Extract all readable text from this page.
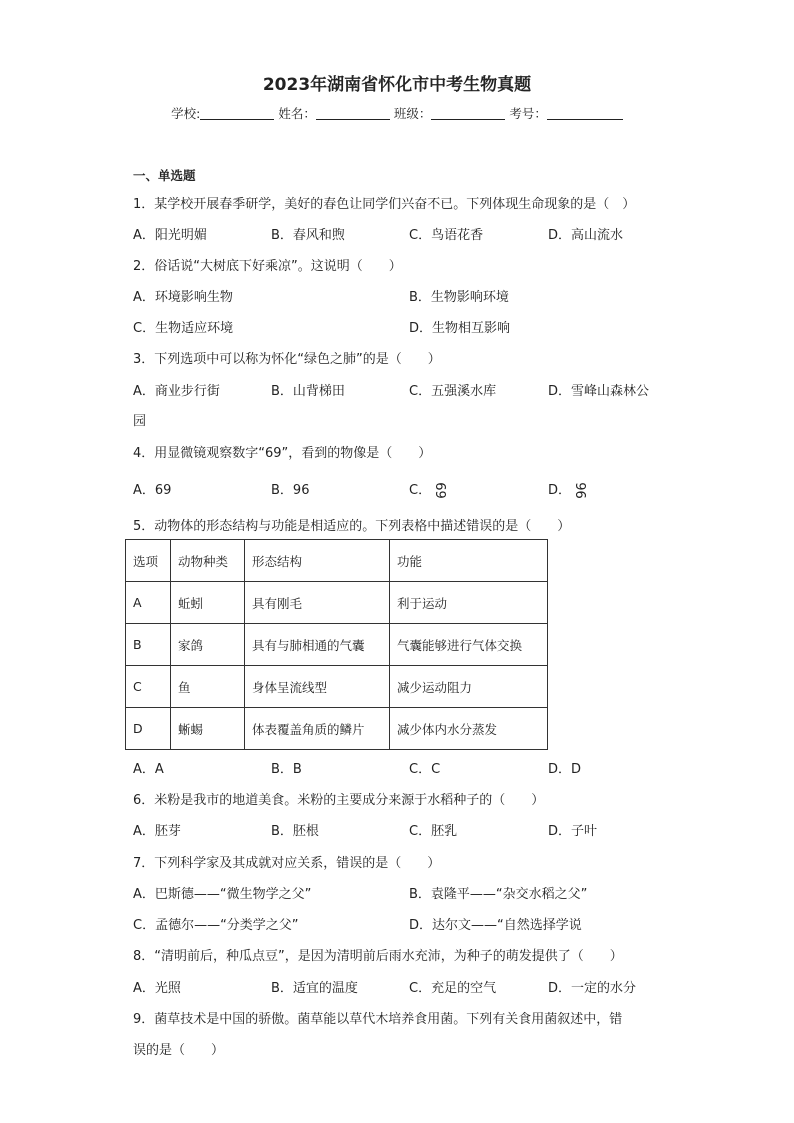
2023年湖南省怀化市中考生物真题
学校:	姓名：	班级：	考号：
一、单选题
1．某学校开展春季研学，美好的春色让同学们兴奋不已。下列体现生命现象的是（　）
A．阳光明媚	B．春风和煦	C．鸟语花香	D．高山流水
2．俗话说“大树底下好乘凉”。这说明（　　）
A．环境影响生物	B．生物影响环境
C．生物适应环境	D．生物相互影响
3．下列选项中可以称为怀化“绿色之肺”的是（　　）
A．商业步行街	B．山背梯田	C．五强溪水库	D．雪峰山森林公
园
4．用显微镜观察数字“69”，看到的物像是（　　）
A．69	B．96	C．69	D．96
5．动物体的形态结构与功能是相适应的。下列表格中描述错误的是（　　）
选项	动物种类	形态结构	功能
A	蚯蚓	具有刚毛	利于运动
B	家鸽	具有与肺相通的气囊	气囊能够进行气体交换
C	鱼	身体呈流线型	减少运动阻力
D	蜥蜴	体表覆盖角质的鳞片	减少体内水分蒸发
A．A	B．B	C．C	D．D
6．米粉是我市的地道美食。米粉的主要成分来源于水稻种子的（　　）
A．胚芽	B．胚根	C．胚乳	D．子叶
7．下列科学家及其成就对应关系，错误的是（　　）
A．巴斯德——“微生物学之父”	B．袁隆平——“杂交水稻之父”
C．孟德尔——“分类学之父”	D．达尔文——“自然选择学说
8．“清明前后，种瓜点豆”，是因为清明前后雨水充沛，为种子的萌发提供了（　　）
A．光照	B．适宜的温度	C．充足的空气	D．一定的水分
9．菌草技术是中国的骄傲。菌草能以草代木培养食用菌。下列有关食用菌叙述中，错
误的是（　　）
